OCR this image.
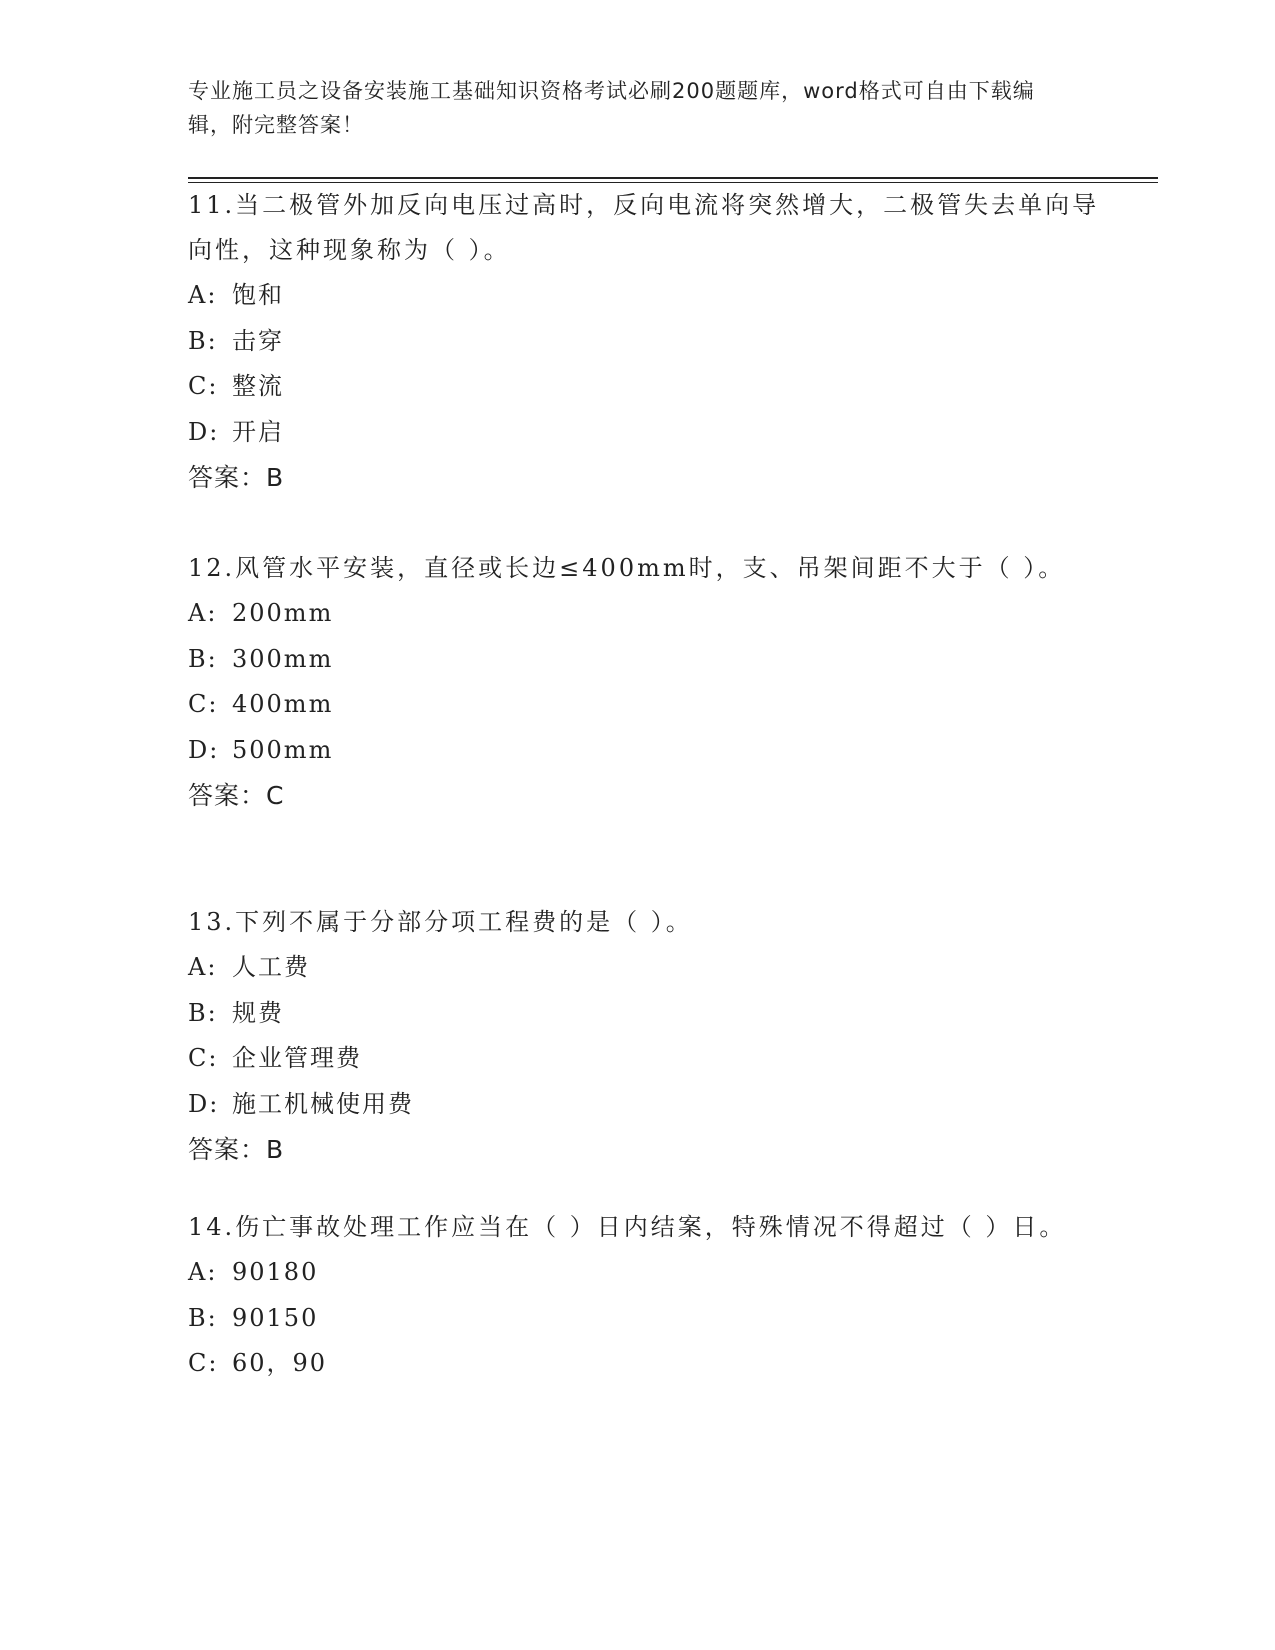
专业施工员之设备安装施工基础知识资格考试必刷200题题库，word格式可自由下载编辑，附完整答案！

11.当二极管外加反向电压过高时，反向电流将突然增大，二极管失去单向导向性，这种现象称为（ ）。

A: 饱和

B: 击穿

C: 整流

D: 开启

答案：B

12.风管水平安装，直径或长边≤400mm时，支、吊架间距不大于（ ）。

A: 200mm

B: 300mm

C: 400mm

D: 500mm

答案：C

13.下列不属于分部分项工程费的是（ ）。

A: 人工费

B: 规费

C: 企业管理费

D: 施工机械使用费

答案：B

14.伤亡事故处理工作应当在（ ）日内结案，特殊情况不得超过（ ）日。

A: 90180

B: 90150

C: 60，90
